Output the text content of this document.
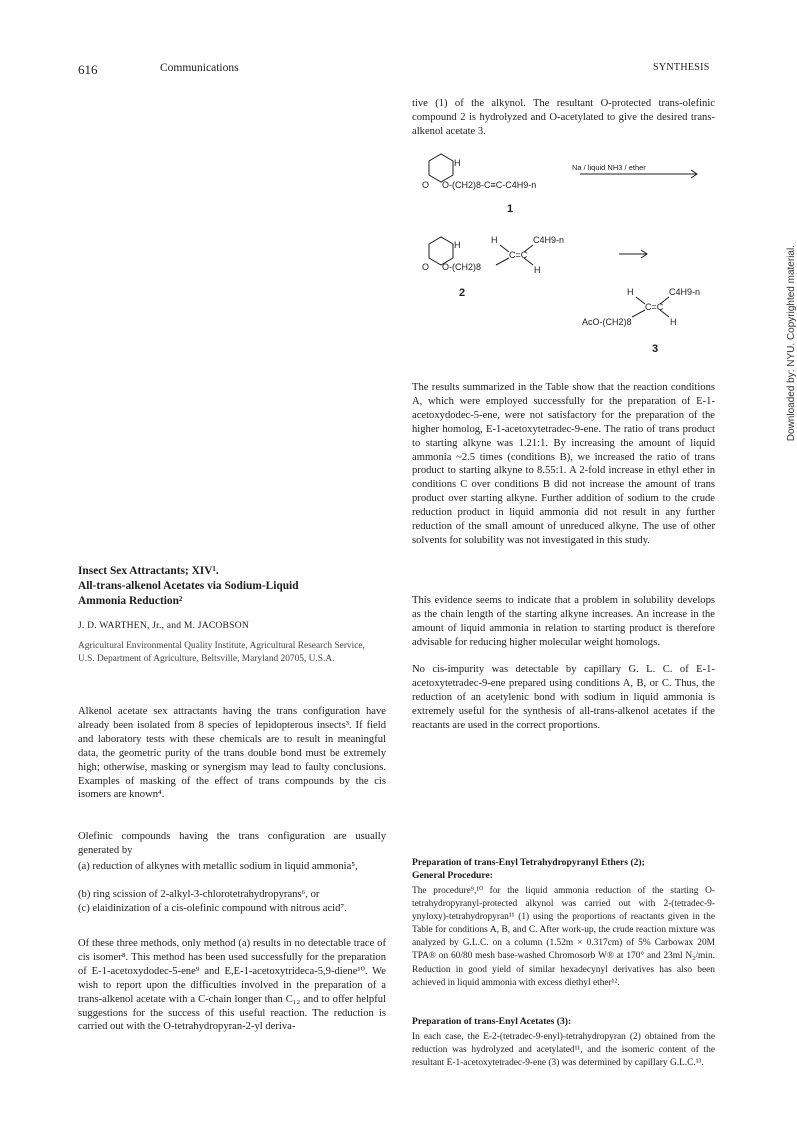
616	Communications	SYNTHESIS
Downloaded by: NYU. Copyrighted material.

tive (1) of the alkynol. The resultant O-protected trans-olefinic compound 2 is hydrolyzed and O-acetylated to give the desired trans-alkenol acetate 3.

Na / liquid NH3 / ether
H
O O-(CH2)8-C≡C-C4H9-n
1
H
O O-(CH2)8
H	C4H9-n
C=C
H
2	H	C4H9-n
C=C
AcO-(CH2)8	H
3

The results summarized in the Table show that the reaction conditions A, which were employed successfully for the preparation of E-1-acetoxydodec-5-ene, were not satisfactory for the preparation of the higher homolog, E-1-acetoxytetradec-9-ene. The ratio of trans product to starting alkyne was 1.21:1. By increasing the amount of liquid ammonia ~2.5 times (conditions B), we increased the ratio of trans product to starting alkyne to 8.55:1. A 2-fold increase in ethyl ether in conditions C over conditions B did not increase the amount of trans product over starting alkyne. Further addition of sodium to the crude reduction product in liquid ammonia did not result in any further reduction of the small amount of unreduced alkyne. The use of other solvents for solubility was not investigated in this study.

This evidence seems to indicate that a problem in solubility develops as the chain length of the starting alkyne increases. An increase in the amount of liquid ammonia in relation to starting product is therefore advisable for reducing higher molecular weight homologs.

No cis-impurity was detectable by capillary G. L. C. of E-1-acetoxytetradec-9-ene prepared using conditions A, B, or C. Thus, the reduction of an acetylenic bond with sodium in liquid ammonia is extremely useful for the synthesis of all-trans-alkenol acetates if the reactants are used in the correct proportions.

Insect Sex Attractants; XIV¹.
All-trans-alkenol Acetates via Sodium-Liquid
Ammonia Reduction²

J. D. WARTHEN, Jr., and M. JACOBSON

Agricultural Environmental Quality Institute, Agricultural Research Service, U.S. Department of Agriculture, Beltsville, Maryland 20705, U.S.A.

Alkenol acetate sex attractants having the trans configuration have already been isolated from 8 species of lepidopterous insects³. If field and laboratory tests with these chemicals are to result in meaningful data, the geometric purity of the trans double bond must be extremely high; otherwise, masking or synergism may lead to faulty conclusions. Examples of masking of the effect of trans compounds by the cis isomers are known⁴.

Olefinic compounds having the trans configuration are usually generated by

(a) reduction of alkynes with metallic sodium in liquid ammonia⁵,

(b) ring scission of 2-alkyl-3-chlorotetrahydropyrans⁶, or

(c) elaidinization of a cis-olefinic compound with nitrous acid⁷.

Of these three methods, only method (a) results in no detectable trace of cis isomer⁸. This method has been used successfully for the preparation of E-1-acetoxydodec-5-ene⁹ and E,E-1-acetoxytrideca-5,9-diene¹⁰. We wish to report upon the difficulties involved in the preparation of a trans-alkenol acetate with a C-chain longer than C₁₂ and to offer helpful suggestions for the success of this useful reaction. The reduction is carried out with the O-tetrahydropyran-2-yl deriva-

Preparation of trans-Enyl Tetrahydropyranyl Ethers (2);
General Procedure:

The procedure⁹,¹⁰ for the liquid ammonia reduction of the starting O-tetrahydropyranyl-protected alkynol was carried out with 2-(tetradec-9-ynyloxy)-tetrahydropyran¹¹ (1) using the proportions of reactants given in the Table for conditions A, B, and C. After work-up, the crude reaction mixture was analyzed by G.L.C. on a column (1.52m × 0.317cm) of 5% Carbowax 20M TPA® on 60/80 mesh base-washed Chromosorb W® at 170° and 23ml N₂/min. Reduction in good yield of similar hexadecynyl derivatives has also been achieved in liquid ammonia with excess diethyl ether¹².

Preparation of trans-Enyl Acetates (3):

In each case, the E-2-(tetradec-9-enyl)-tetrahydropyran (2) obtained from the reduction was hydrolyzed and acetylated¹¹, and the isomeric content of the resultant E-1-acetoxytetradec-9-ene (3) was determined by capillary G.L.C.¹³.
